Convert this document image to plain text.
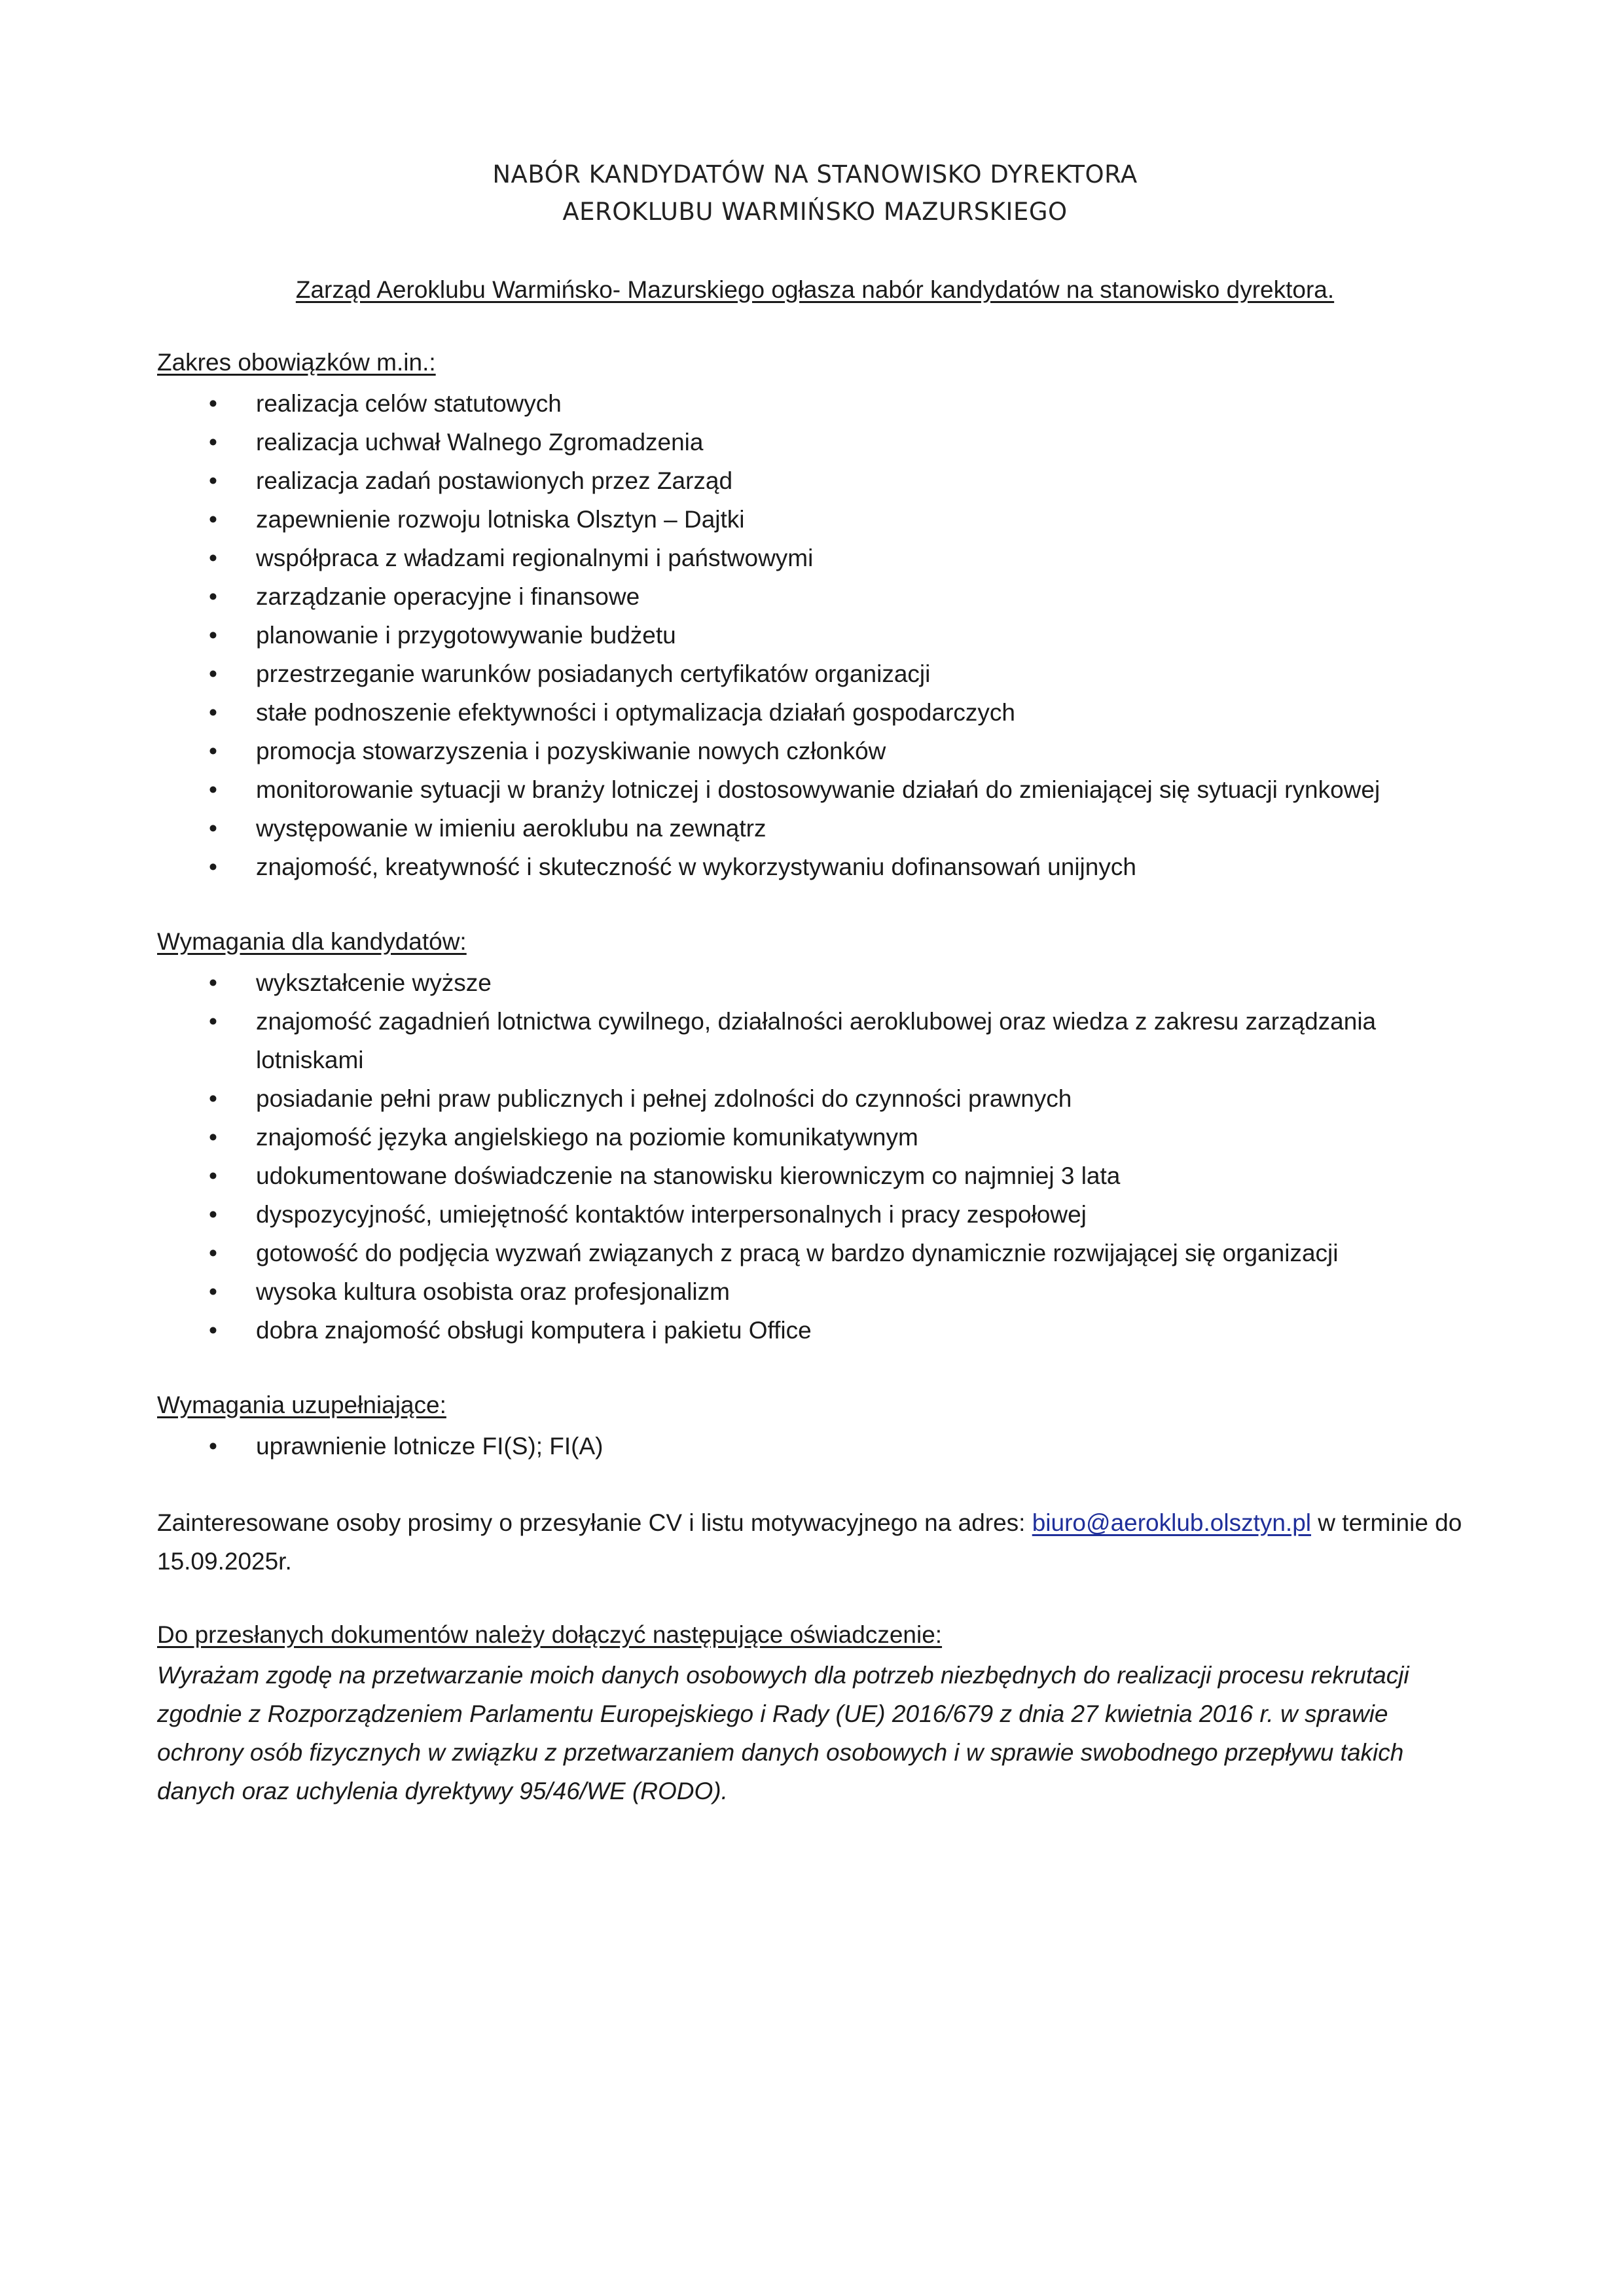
NABÓR KANDYDATÓW NA STANOWISKO DYREKTORA
AEROKLUBU WARMIŃSKO MAZURSKIEGO
Zarząd Aeroklubu Warmińsko- Mazurskiego ogłasza nabór kandydatów na stanowisko dyrektora.
Zakres obowiązków m.in.:
• realizacja celów statutowych
• realizacja uchwał Walnego Zgromadzenia
• realizacja zadań postawionych przez Zarząd
• zapewnienie rozwoju lotniska Olsztyn – Dajtki
• współpraca z władzami regionalnymi i państwowymi
• zarządzanie operacyjne i finansowe
• planowanie i przygotowywanie budżetu
• przestrzeganie warunków posiadanych certyfikatów organizacji
• stałe podnoszenie efektywności i optymalizacja działań gospodarczych
• promocja stowarzyszenia i pozyskiwanie nowych członków
• monitorowanie sytuacji w branży lotniczej i dostosowywanie działań do zmieniającej się sytuacji rynkowej
• występowanie w imieniu aeroklubu na zewnątrz
• znajomość, kreatywność i skuteczność w wykorzystywaniu dofinansowań unijnych
Wymagania dla kandydatów:
• wykształcenie wyższe
• znajomość zagadnień lotnictwa cywilnego, działalności aeroklubowej oraz wiedza z zakresu zarządzania lotniskami
• posiadanie pełni praw publicznych i pełnej zdolności do czynności prawnych
• znajomość języka angielskiego na poziomie komunikatywnym
• udokumentowane doświadczenie na stanowisku kierowniczym co najmniej 3 lata
• dyspozycyjność, umiejętność kontaktów interpersonalnych i pracy zespołowej
• gotowość do podjęcia wyzwań związanych z pracą w bardzo dynamicznie rozwijającej się organizacji
• wysoka kultura osobista oraz profesjonalizm
• dobra znajomość obsługi komputera i pakietu Office
Wymagania uzupełniające:
• uprawnienie lotnicze FI(S); FI(A)
Zainteresowane osoby prosimy o przesyłanie CV i listu motywacyjnego na adres: biuro@aeroklub.olsztyn.pl w terminie do 15.09.2025r.
Do przesłanych dokumentów należy dołączyć następujące oświadczenie:
Wyrażam zgodę na przetwarzanie moich danych osobowych dla potrzeb niezbędnych do realizacji procesu rekrutacji zgodnie z Rozporządzeniem Parlamentu Europejskiego i Rady (UE) 2016/679 z dnia 27 kwietnia 2016 r. w sprawie ochrony osób fizycznych w związku z przetwarzaniem danych osobowych i w sprawie swobodnego przepływu takich danych oraz uchylenia dyrektywy 95/46/WE (RODO).
